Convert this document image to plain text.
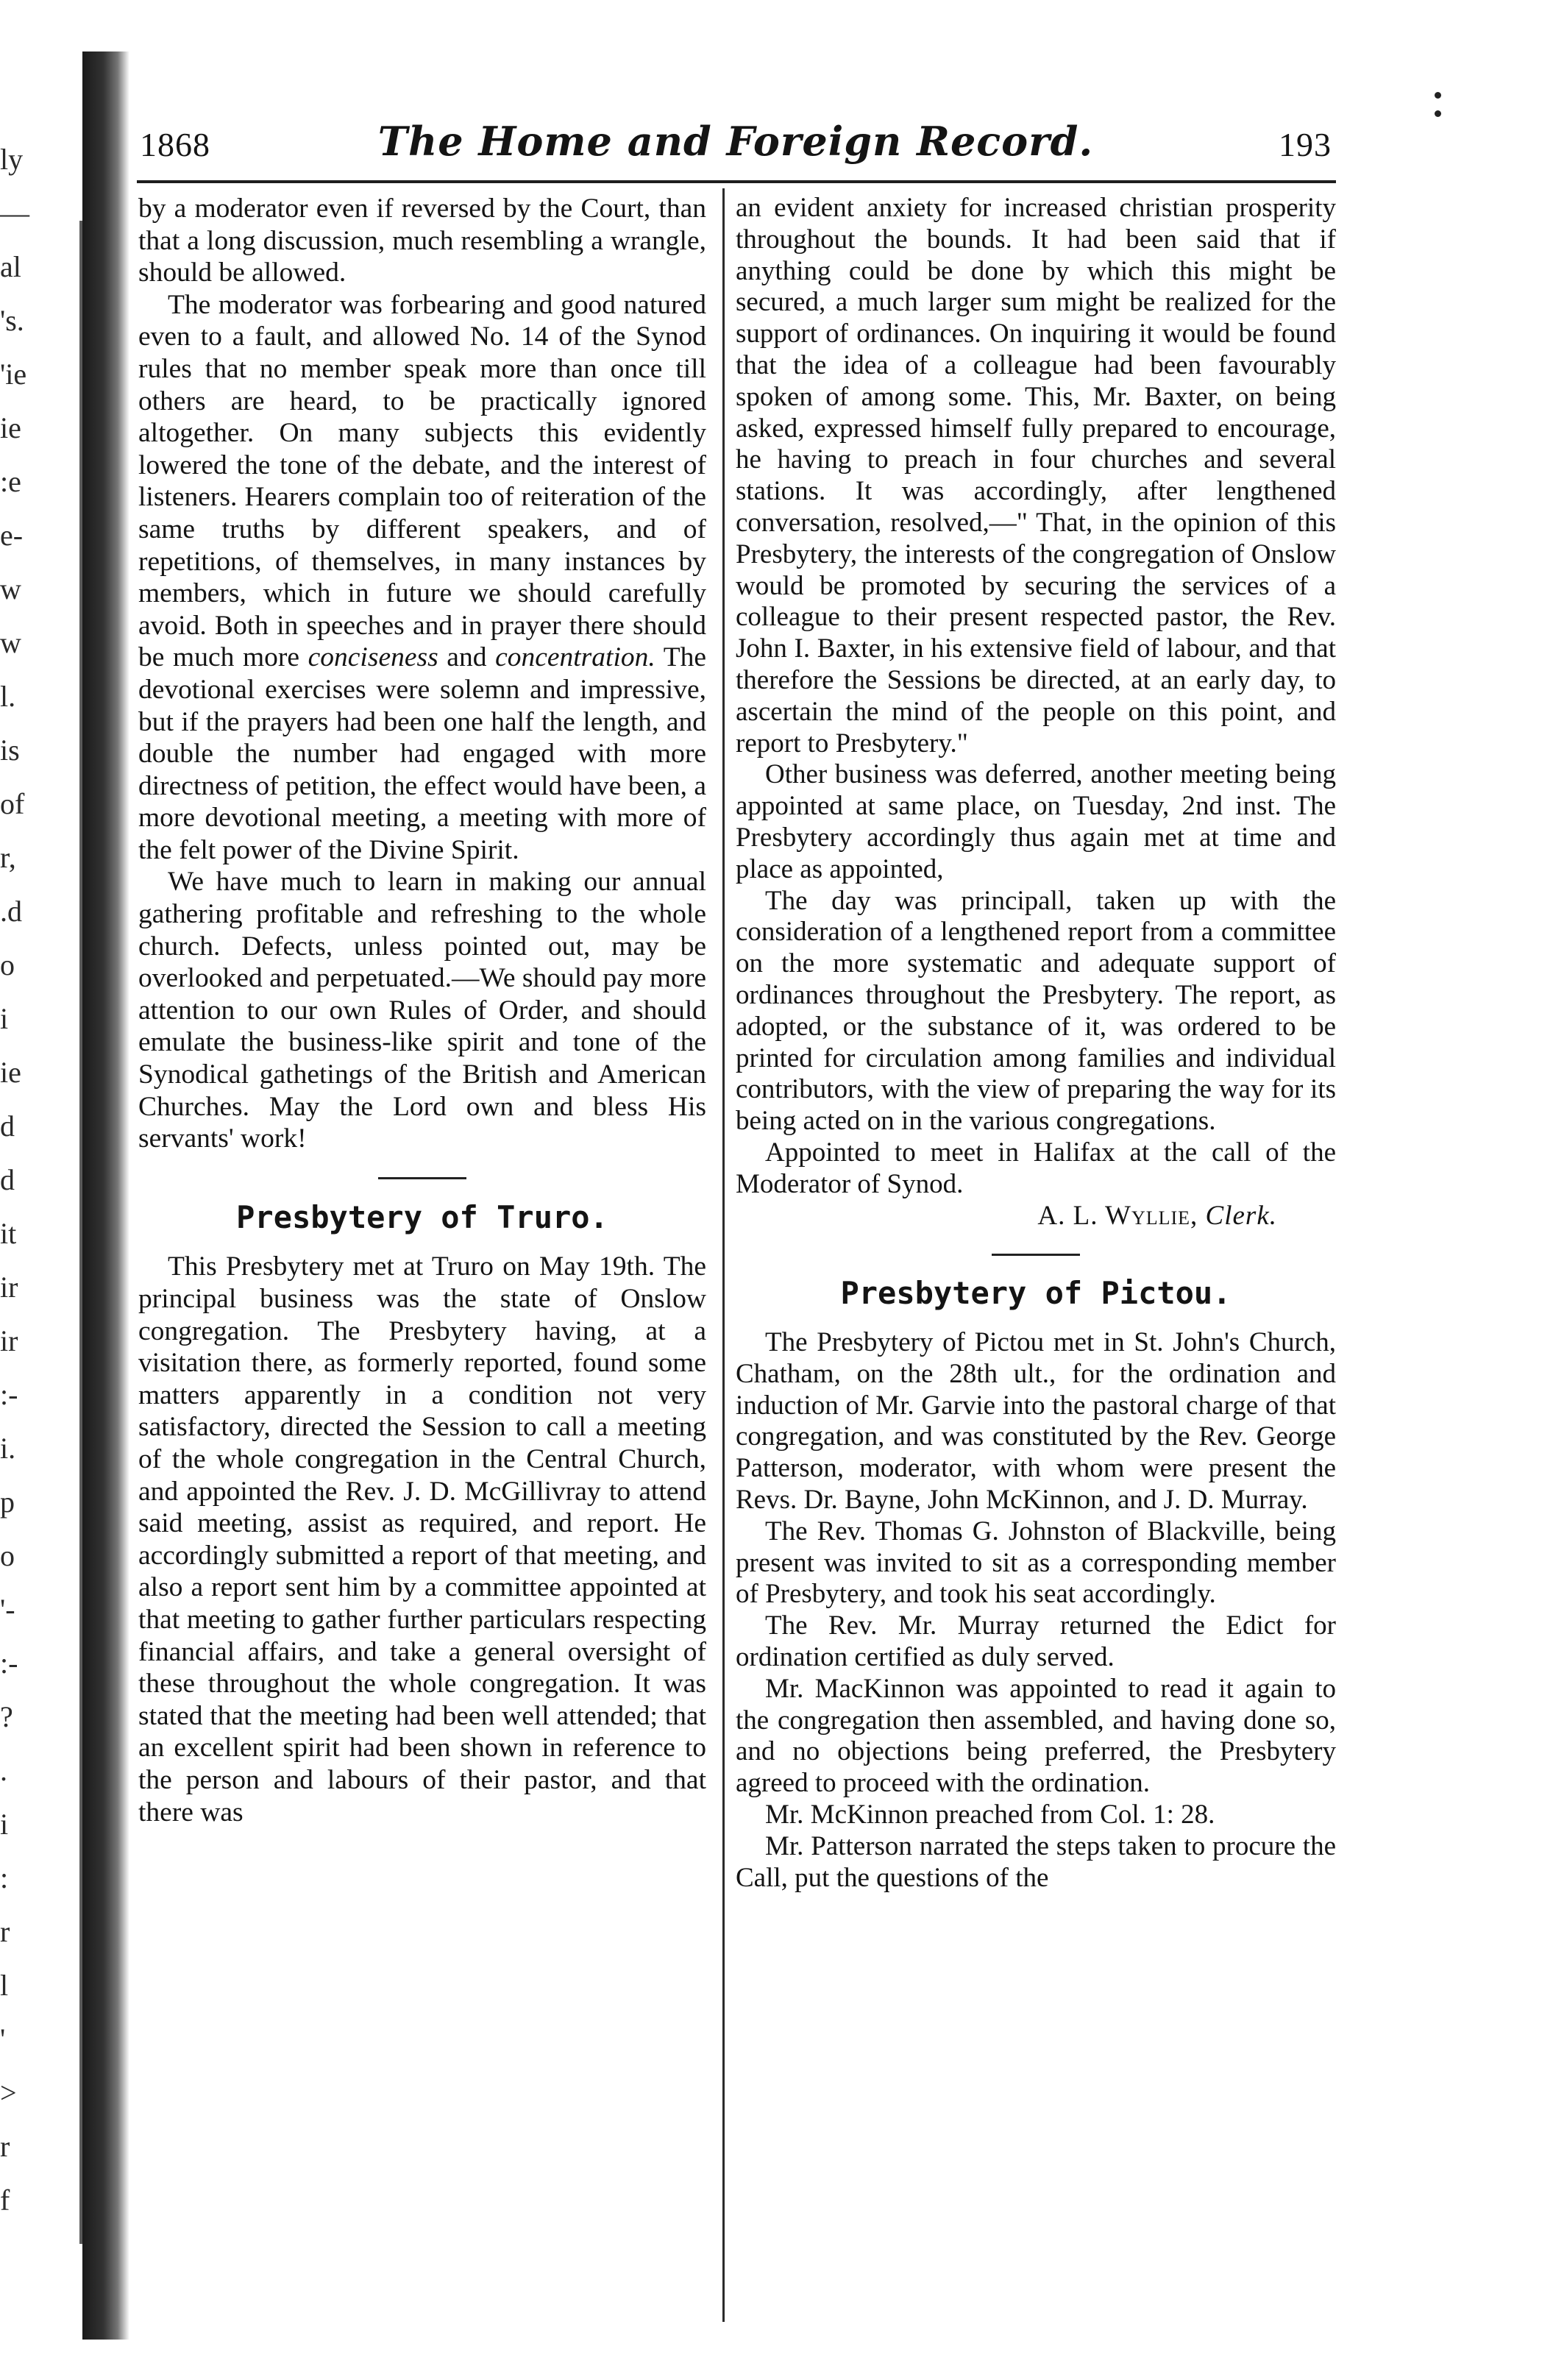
ly
—
al
's.
'ie
ie
:e
e-
w
w
l.
is
of
r,
.d
o
i
ie
d
d
it
ir
ir
:-
i.
p
o
'-
:-
?
.
i
:
r
l
'
>
r
f
1868	The Home and Foreign Record.	193

by a moderator even if reversed by the Court, than that a long discussion, much resembling a wrangle, should be allowed.

The moderator was forbearing and good natured even to a fault, and allowed No. 14 of the Synod rules that no member speak more than once till others are heard, to be practically ignored altogether. On many subjects this evidently lowered the tone of the debate, and the interest of listeners. Hearers complain too of reiteration of the same truths by different speakers, and of repetitions, of themselves, in many instances by members, which in future we should carefully avoid. Both in speeches and in prayer there should be much more conciseness and concentration. The devotional exercises were solemn and impressive, but if the prayers had been one half the length, and double the number had engaged with more directness of petition, the effect would have been, a more devotional meeting, a meeting with more of the felt power of the Divine Spirit.

We have much to learn in making our annual gathering profitable and refreshing to the whole church. Defects, unless pointed out, may be overlooked and perpetuated.—We should pay more attention to our own Rules of Order, and should emulate the business-like spirit and tone of the Synodical gathetings of the British and American Churches. May the Lord own and bless His servants' work!

Presbytery of Truro.

This Presbytery met at Truro on May 19th. The principal business was the state of Onslow congregation. The Presbytery having, at a visitation there, as formerly reported, found some matters apparently in a condition not very satisfactory, directed the Session to call a meeting of the whole congregation in the Central Church, and appointed the Rev. J. D. McGillivray to attend said meeting, assist as required, and report. He accordingly submitted a report of that meeting, and also a report sent him by a committee appointed at that meeting to gather further particulars respecting financial affairs, and take a general oversight of these throughout the whole congregation. It was stated that the meeting had been well attended; that an excellent spirit had been shown in reference to the person and labours of their pastor, and that there was

an evident anxiety for increased christian prosperity throughout the bounds. It had been said that if anything could be done by which this might be secured, a much larger sum might be realized for the support of ordinances. On inquiring it would be found that the idea of a colleague had been favourably spoken of among some. This, Mr. Baxter, on being asked, expressed himself fully prepared to encourage, he having to preach in four churches and several stations. It was accordingly, after lengthened conversation, resolved,—" That, in the opinion of this Presbytery, the interests of the congregation of Onslow would be promoted by securing the services of a colleague to their present respected pastor, the Rev. John I. Baxter, in his extensive field of labour, and that therefore the Sessions be directed, at an early day, to ascertain the mind of the people on this point, and report to Presbytery."

Other business was deferred, another meeting being appointed at same place, on Tuesday, 2nd inst. The Presbytery accordingly thus again met at time and place as appointed,

The day was principall, taken up with the consideration of a lengthened report from a committee on the more systematic and adequate support of ordinances throughout the Presbytery. The report, as adopted, or the substance of it, was ordered to be printed for circulation among families and individual contributors, with the view of preparing the way for its being acted on in the various congregations.

Appointed to meet in Halifax at the call of the Moderator of Synod.

A. L. Wyllie, Clerk.

Presbytery of Pictou.

The Presbytery of Pictou met in St. John's Church, Chatham, on the 28th ult., for the ordination and induction of Mr. Garvie into the pastoral charge of that congregation, and was constituted by the Rev. George Patterson, moderator, with whom were present the Revs. Dr. Bayne, John McKinnon, and J. D. Murray.

The Rev. Thomas G. Johnston of Blackville, being present was invited to sit as a corresponding member of Presbytery, and took his seat accordingly.

The Rev. Mr. Murray returned the Edict for ordination certified as duly served.

Mr. MacKinnon was appointed to read it again to the congregation then assembled, and having done so, and no objections being preferred, the Presbytery agreed to proceed with the ordination.

Mr. McKinnon preached from Col. 1: 28.

Mr. Patterson narrated the steps taken to procure the Call, put the questions of the
